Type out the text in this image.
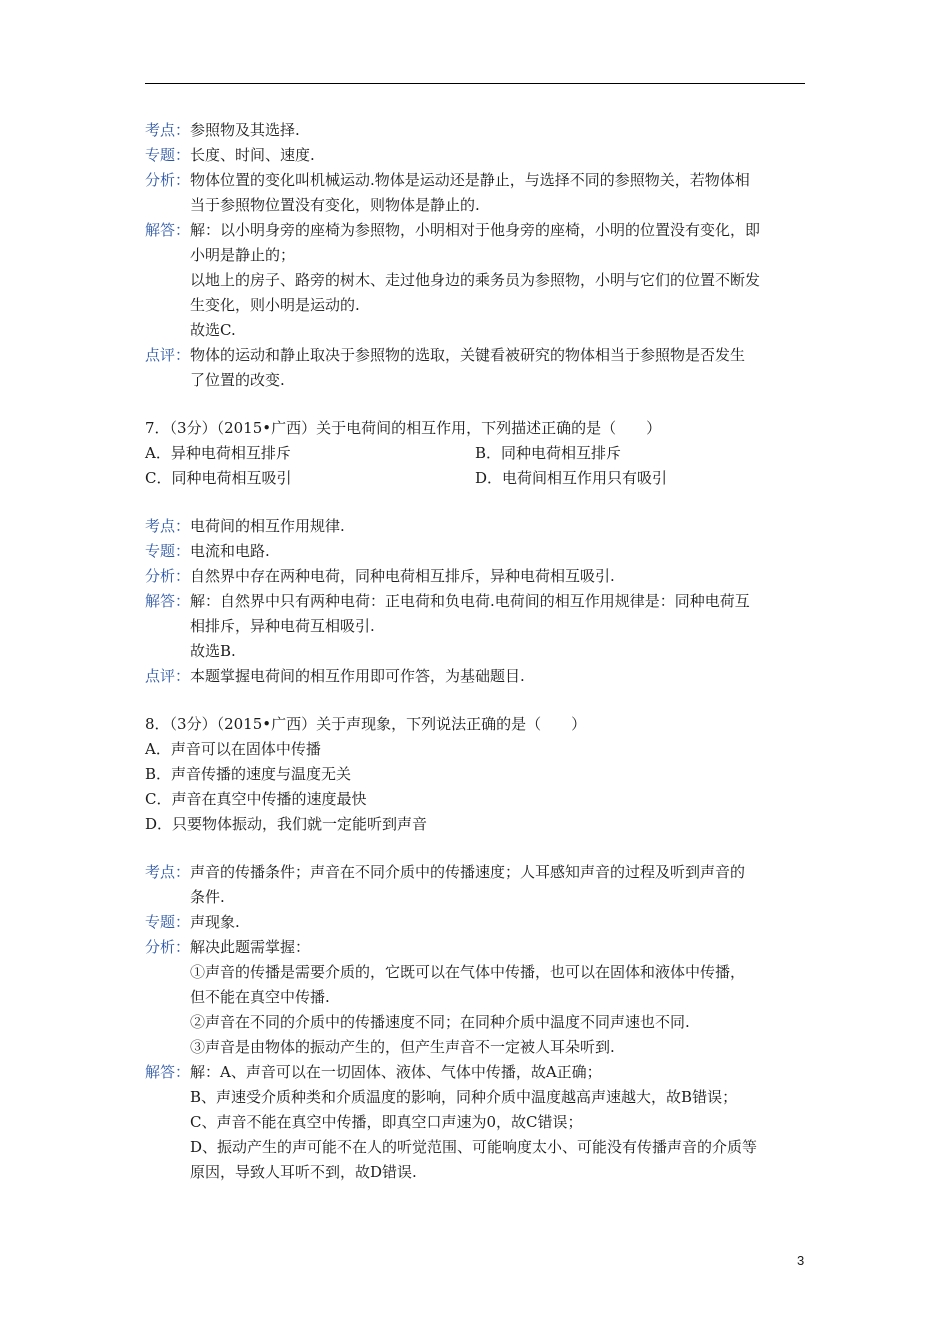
考点： 参照物及其选择.
专题： 长度、时间、速度.
分析： 物体位置的变化叫机械运动.物体是运动还是静止，与选择不同的参照物关，若物体相
当于参照物位置没有变化，则物体是静止的.
解答： 解：以小明身旁的座椅为参照物，小明相对于他身旁的座椅，小明的位置没有变化，即
小明是静止的；
以地上的房子、路旁的树木、走过他身边的乘务员为参照物，小明与它们的位置不断发
生变化，则小明是运动的.
故选C.
点评： 物体的运动和静止取决于参照物的选取，关键看被研究的物体相当于参照物是否发生
了位置的改变.
7．（3分）（2015•广西）关于电荷间的相互作用，下列描述正确的是（　　）
A．异种电荷相互排斥	B．同种电荷相互排斥
C．同种电荷相互吸引	D．电荷间相互作用只有吸引
考点： 电荷间的相互作用规律.
专题： 电流和电路.
分析： 自然界中存在两种电荷，同种电荷相互排斥，异种电荷相互吸引.
解答： 解：自然界中只有两种电荷：正电荷和负电荷.电荷间的相互作用规律是：同种电荷互
相排斥，异种电荷互相吸引.
故选B.
点评： 本题掌握电荷间的相互作用即可作答，为基础题目.
8．（3分）（2015•广西）关于声现象，下列说法正确的是（　　）
A．声音可以在固体中传播
B．声音传播的速度与温度无关
C．声音在真空中传播的速度最快
D．只要物体振动，我们就一定能听到声音
考点： 声音的传播条件；声音在不同介质中的传播速度；人耳感知声音的过程及听到声音的
条件.
专题： 声现象.
分析： 解决此题需掌握：
①声音的传播是需要介质的，它既可以在气体中传播，也可以在固体和液体中传播，
但不能在真空中传播.
②声音在不同的介质中的传播速度不同；在同种介质中温度不同声速也不同.
③声音是由物体的振动产生的，但产生声音不一定被人耳朵听到.
解答： 解：A、声音可以在一切固体、液体、气体中传播，故A正确；
B、声速受介质种类和介质温度的影响，同种介质中温度越高声速越大，故B错误；
C、声音不能在真空中传播，即真空口声速为0，故C错误；
D、振动产生的声可能不在人的听觉范围、可能响度太小、可能没有传播声音的介质等
原因，导致人耳听不到，故D错误.
3
